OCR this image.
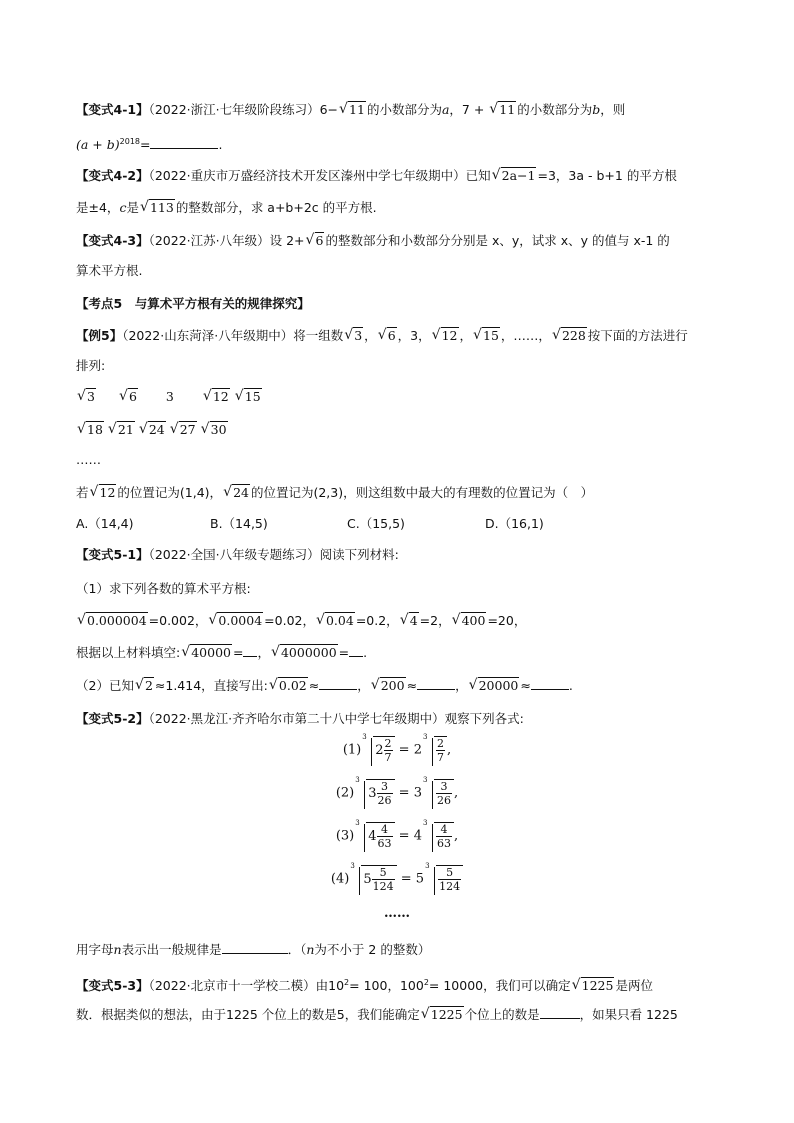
【变式4-1】（2022·浙江·七年级阶段练习）6− √ 11 的小数部分为a，7 + √ 11 的小数部分为b，则
$(a + b)^{2018}=$	.
【变式4-2】（2022·重庆市万盛经济技术开发区溱州中学七年级期中）已知 √ 2a−1 =3，3a - b+1 的平方根
是±4，c是 √ 113 的整数部分，求 a+b+2c 的平方根.
【变式4-3】（2022·江苏·八年级）设 2+ √ 6 的整数部分和小数部分分别是 x、y，试求 x、y 的值与 x-1 的
算术平方根.
【考点5　与算术平方根有关的规律探究】
【例5】（2022·山东菏泽·八年级期中）将一组数 √ 3 ， √ 6 ，3， √ 12 ， √ 15 ，……， √ 228 按下面的方法进行
排列:
√ 3	√ 6 3	√ 12 √ 15
√ 18 √ 21 √ 24 √ 27 √ 30
……
若 √ 12 的位置记为(1,4)， √ 24 的位置记为(2,3)，则这组数中最大的有理数的位置记为（　）
A.（14,4)	B.（14,5)	C.（15,5)	D.（16,1)
【变式5-1】（2022·全国·八年级专题练习）阅读下列材料:
（1）求下列各数的算术平方根:
√ 0.000004 =0.002， √ 0.0004 =0.02， √ 0.04 =0.2， √ 4 =2， √ 400 =20，
根据以上材料填空: √ 40000 = ， √ 4000000 = .
（2）已知 √ 2 ≈1.414，直接写出: √ 0.02 ≈	， √ 200 ≈	， √ 20000 ≈	.
【变式5-2】（2022·黑龙江·齐齐哈尔市第二十八中学七年级期中）观察下列各式:
(1)
3
$2 \frac{2}{7} = 2$
$3 \frac{2}{7}$ ,
(2)
3
$3 \frac{3}{26} = 3$
$3 \frac{3}{26}$ ,
(3)
3
$4 \frac{4}{63} = 4$
$3 \frac{4}{63}$ ,
(4)
3
$5 \frac{5}{124} = 5$
$3 \frac{5}{124}$
……
用字母n表示出一般规律是	．（n为不小于 2 的整数）
【变式5-3】（2022·北京市十一学校二模）由$10^2= 100$，$100^2= 10000$，我们可以确定 √ 1225 是两位
数．根据类似的想法，由于1225 个位上的数是5，我们能确定 √ 1225 个位上的数是	，如果只看 1225
